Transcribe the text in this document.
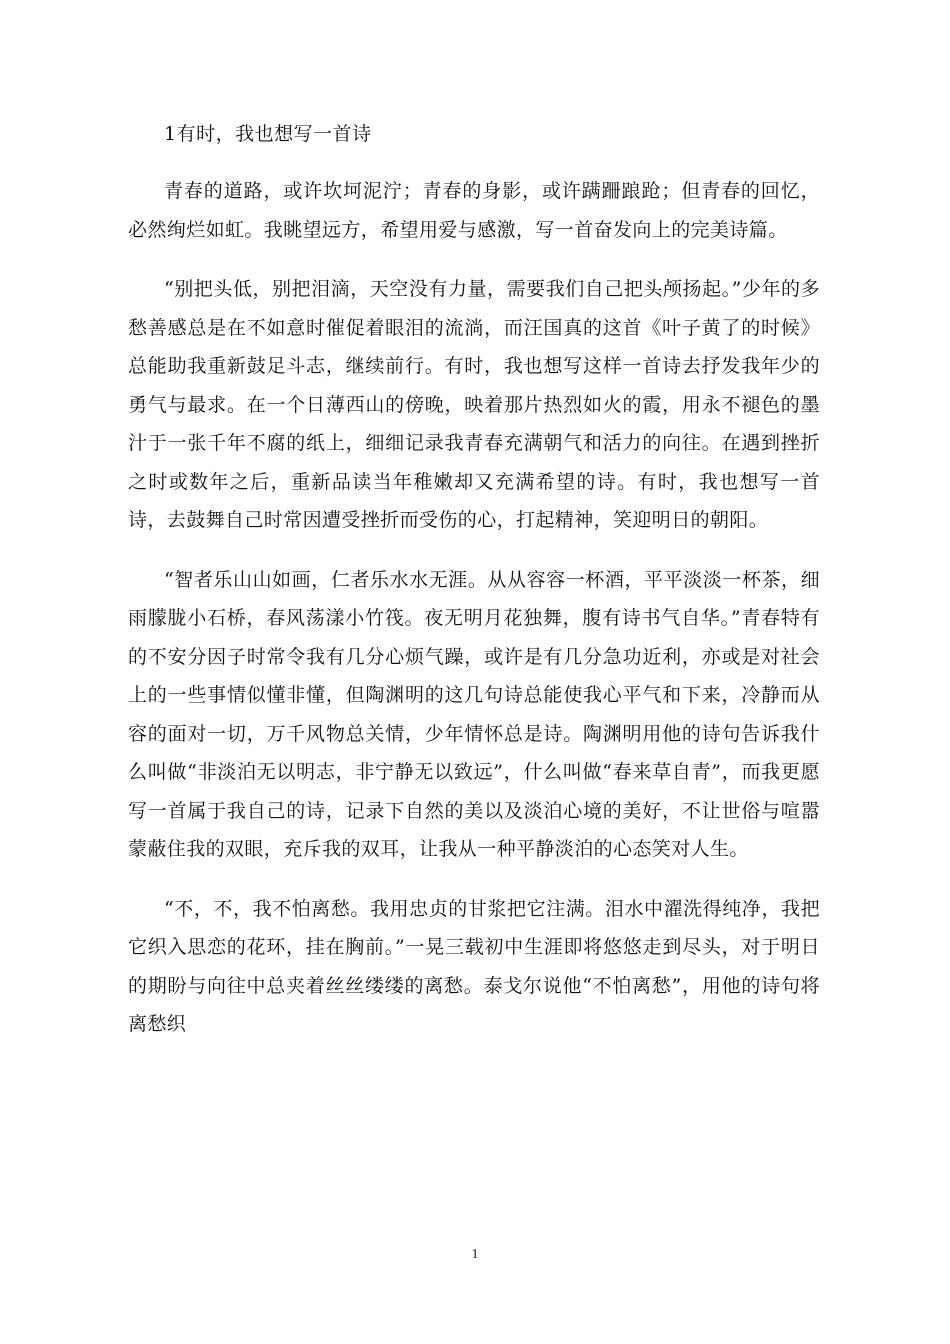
1有时，我也想写一首诗

青春的道路，或许坎坷泥泞；青春的身影，或许蹒跚踉跄；但青春的回忆，必然绚烂如虹。我眺望远方，希望用爱与感激，写一首奋发向上的完美诗篇。

“别把头低，别把泪滴，天空没有力量，需要我们自己把头颅扬起。”少年的多愁善感总是在不如意时催促着眼泪的流淌，而汪国真的这首《叶子黄了的时候》总能助我重新鼓足斗志，继续前行。有时，我也想写这样一首诗去抒发我年少的勇气与最求。在一个日薄西山的傍晚，映着那片热烈如火的霞，用永不褪色的墨汁于一张千年不腐的纸上，细细记录我青春充满朝气和活力的向往。在遇到挫折之时或数年之后，重新品读当年稚嫩却又充满希望的诗。有时，我也想写一首诗，去鼓舞自己时常因遭受挫折而受伤的心，打起精神，笑迎明日的朝阳。

“智者乐山山如画，仁者乐水水无涯。从从容容一杯酒，平平淡淡一杯茶，细雨朦胧小石桥，春风荡漾小竹筏。夜无明月花独舞，腹有诗书气自华。”青春特有的不安分因子时常令我有几分心烦气躁，或许是有几分急功近利，亦或是对社会上的一些事情似懂非懂，但陶渊明的这几句诗总能使我心平气和下来，冷静而从容的面对一切，万千风物总关情，少年情怀总是诗。陶渊明用他的诗句告诉我什么叫做“非淡泊无以明志，非宁静无以致远”，什么叫做“春来草自青”，而我更愿写一首属于我自己的诗，记录下自然的美以及淡泊心境的美好，不让世俗与喧嚣蒙蔽住我的双眼，充斥我的双耳，让我从一种平静淡泊的心态笑对人生。

“不，不，我不怕离愁。我用忠贞的甘浆把它注满。泪水中濯洗得纯净，我把它织入思恋的花环，挂在胸前。”一晃三载初中生涯即将悠悠走到尽头，对于明日的期盼与向往中总夹着丝丝缕缕的离愁。泰戈尔说他“不怕离愁”，用他的诗句将离愁织

1
